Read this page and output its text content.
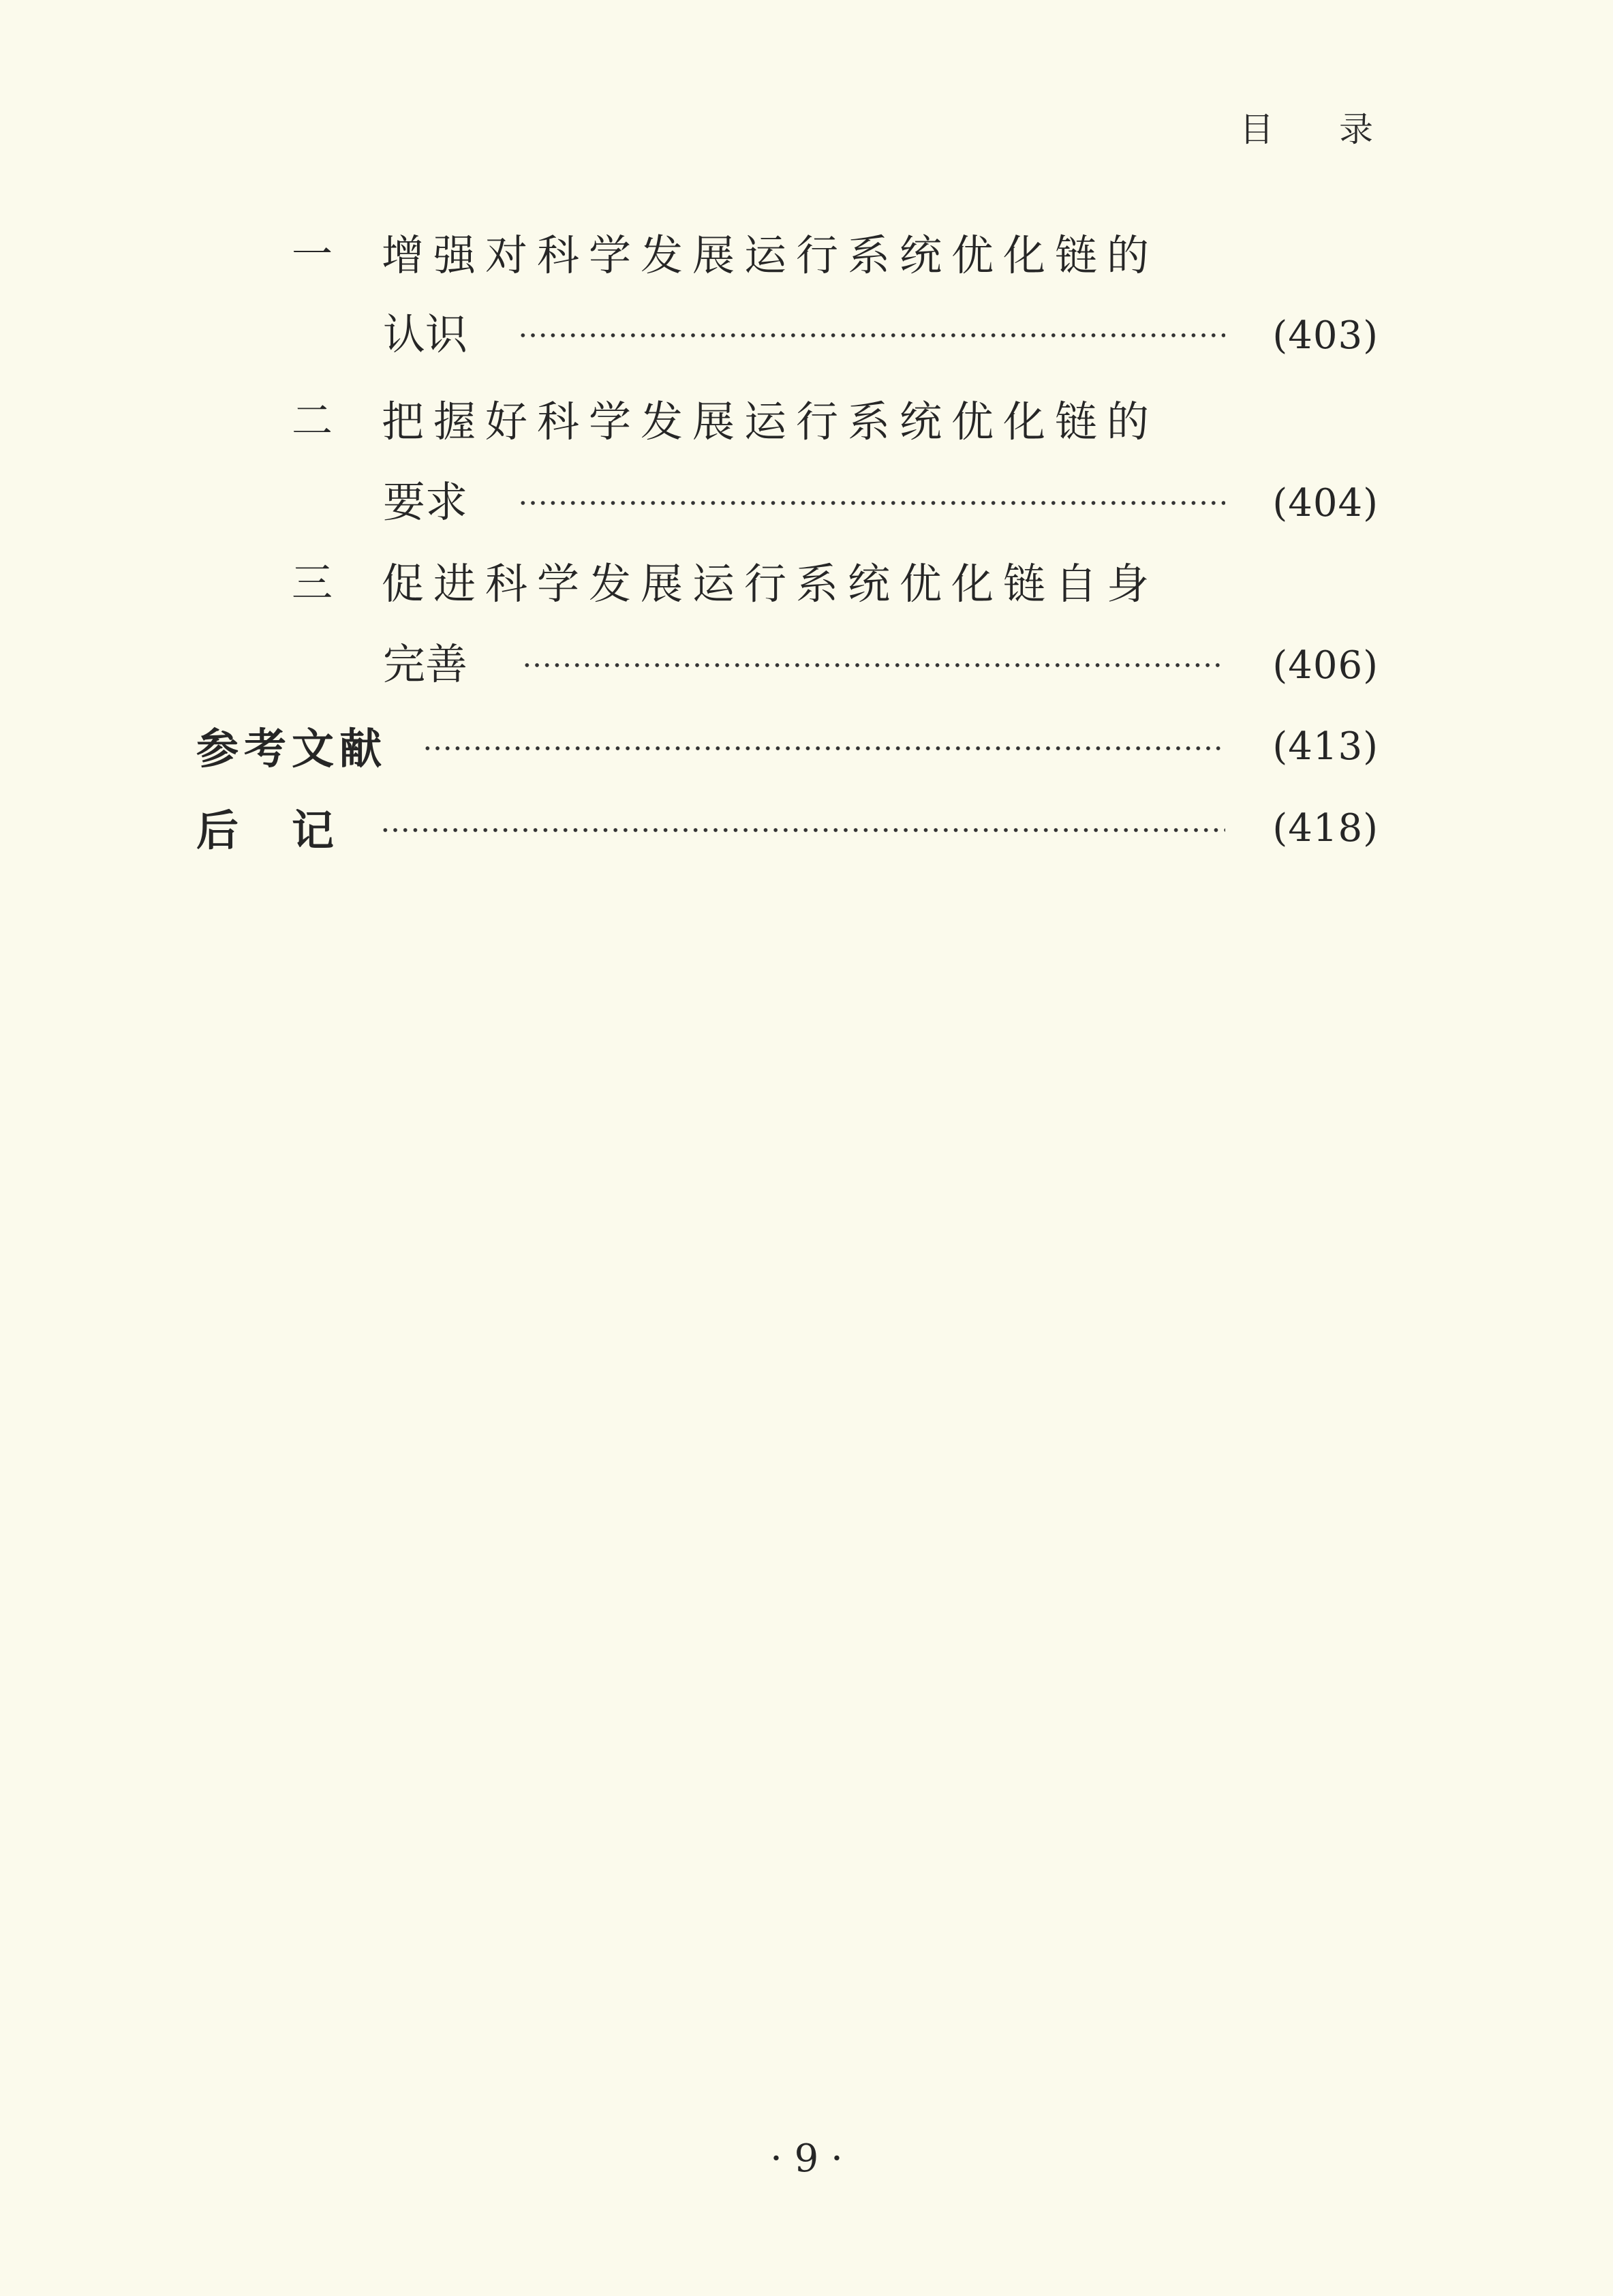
目 录
一 增强对科学发展运行系统优化链的
认识	(403)
二 把握好科学发展运行系统优化链的
要求	(404)
三 促进科学发展运行系统优化链自身
完善	(406)
参考文献	(413)
后　记	(418)
· 9 ·
